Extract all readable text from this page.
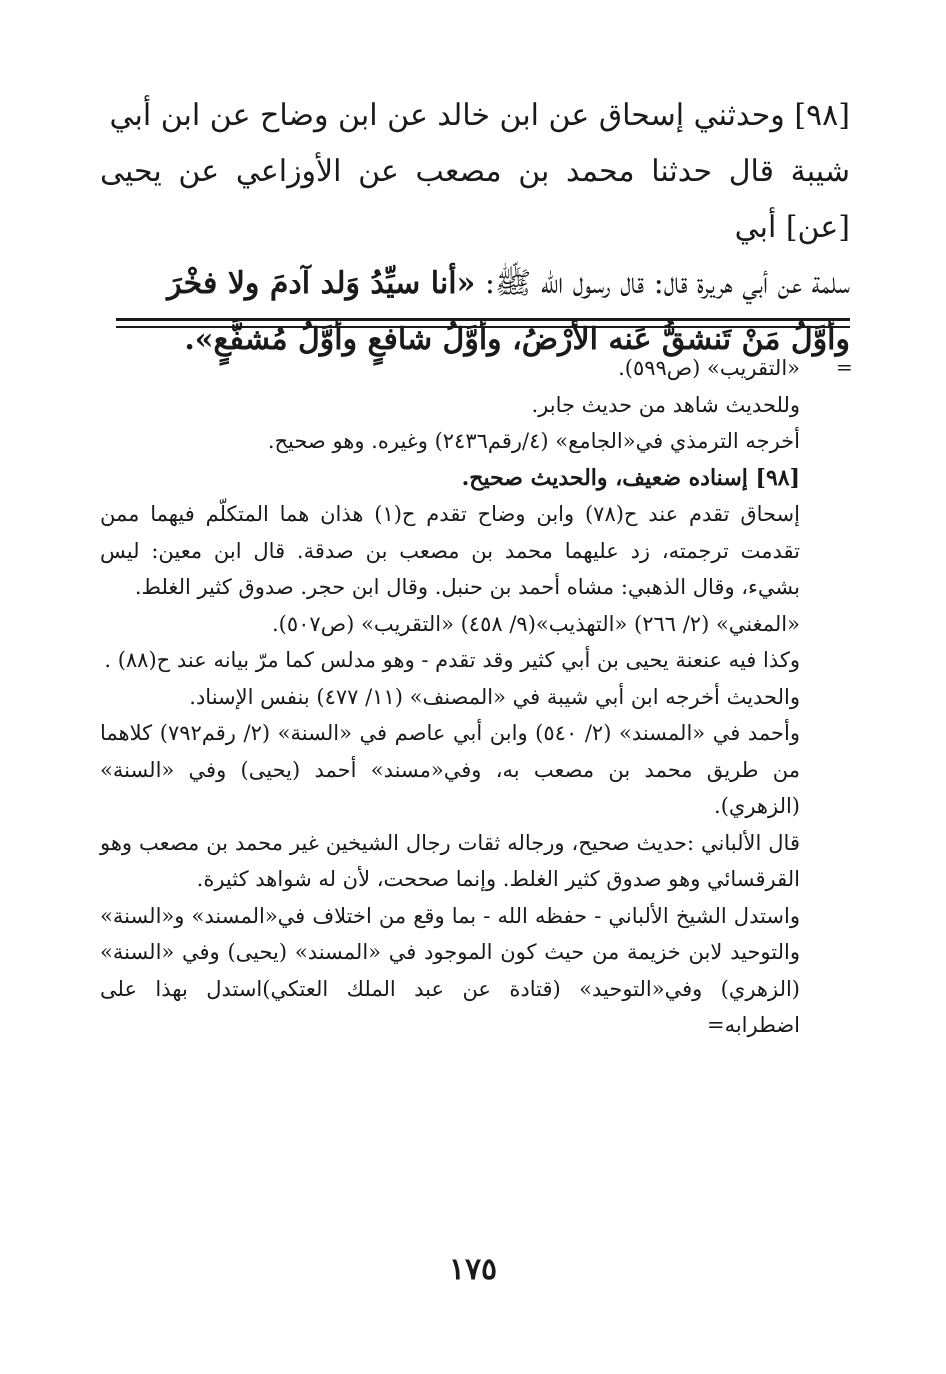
[٩٨] وحدثني إسحاق عن ابن خالد عن ابن وضاح عن ابن أبي

شيبة قال حدثنا محمد بن مصعب عن الأوزاعي عن يحيى [عن] أبي

سلمة عن أبي هريرة قال: قال رسول الله ﷺ: «أنا سيِّدُ وَلد آدمَ ولا فخْرَ

وأوَّلُ مَنْ تَنشقُّ عَنه الأرْضُ، وأوَّلُ شافعٍ وأوَّلُ مُشفَّعٍ».

=

«التقريب» (ص٥٩٩).

وللحديث شاهد من حديث جابر.

أخرجه الترمذي في«الجامع» (٤/رقم٢٤٣٦) وغيره. وهو صحيح.

[٩٨] إسناده ضعيف، والحديث صحيح.

إسحاق تقدم عند ح(٧٨) وابن وضاح تقدم ح(١) هذان هما المتكلّم فيهما ممن تقدمت ترجمته، زد عليهما محمد بن مصعب بن صدقة. قال ابن معين: ليس بشيء، وقال الذهبي: مشاه أحمد بن حنبل. وقال ابن حجر. صدوق كثير الغلط.

«المغني» (٢/ ٢٦٦) «التهذيب»(٩/ ٤٥٨) «التقريب» (ص٥٠٧).

وكذا فيه عنعنة يحيى بن أبي كثير وقد تقدم - وهو مدلس كما مرّ بيانه عند ح(٨٨) .

والحديث أخرجه ابن أبي شيبة في «المصنف» (١١/ ٤٧٧) بنفس الإسناد.

وأحمد في «المسند» (٢/ ٥٤٠) وابن أبي عاصم في «السنة» (٢/ رقم٧٩٢) كلاهما من طريق محمد بن مصعب به، وفي«مسند» أحمد (يحيى) وفي «السنة» (الزهري).

قال الألباني :حديث صحيح، ورجاله ثقات رجال الشيخين غير محمد بن مصعب وهو القرقسائي وهو صدوق كثير الغلط. وإنما صححت، لأن له شواهد كثيرة.

واستدل الشيخ الألباني - حفظه الله - بما وقع من اختلاف في«المسند» و«السنة» والتوحيد لابن خزيمة من حيث كون الموجود في «المسند» (يحيى) وفي «السنة» (الزهري) وفي«التوحيد» (قتادة عن عبد الملك العتكي)استدل بهذا على اضطرابه=

١٧٥
